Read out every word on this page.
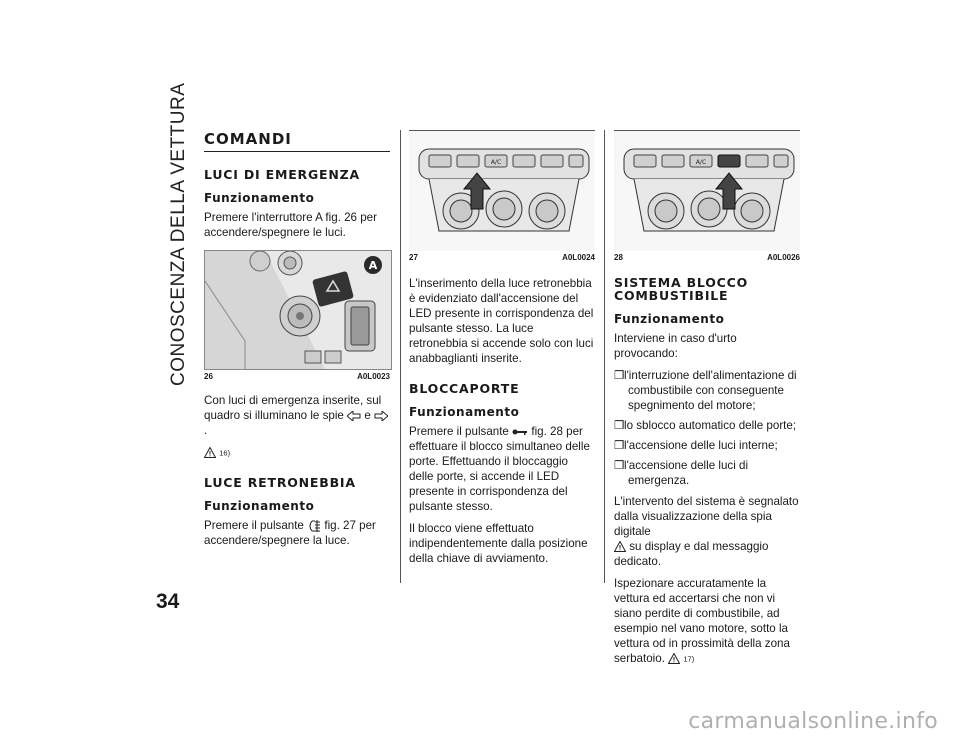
CONOSCENZA DELLA VETTURA
34
COMANDI
LUCI DI EMERGENZA
Funzionamento

Premere l'interruttore A fig. 26 per accendere/spegnere le luci.

A
26	A0L0023

Con luci di emergenza inserite, sul quadro si illuminano le spie e  .

16)

LUCE RETRONEBBIA
Funzionamento

Premere il pulsante fig. 27 per accendere/spegnere la luce.

A/C
27	A0L0024

L'inserimento della luce retronebbia è evidenziato dall'accensione del LED presente in corrispondenza del pulsante stesso. La luce retronebbia si accende solo con luci anabbaglianti inserite.

BLOCCAPORTE
Funzionamento

Premere il pulsante fig. 28 per effettuare il blocco simultaneo delle porte. Effettuando il bloccaggio delle porte, si accende il LED presente in corrispondenza del pulsante stesso.

Il blocco viene effettuato indipendentemente dalla posizione della chiave di avviamento.

A/C
28	A0L0026
SISTEMA BLOCCO COMBUSTIBILE
Funzionamento

Interviene in caso d'urto provocando:

❒l'interruzione dell'alimentazione di combustibile con conseguente spegnimento del motore;
❒lo sblocco automatico delle porte;
❒l'accensione delle luci interne;
❒l'accensione delle luci di emergenza.

L'intervento del sistema è segnalato dalla visualizzazione della spia digitale
su display e dal messaggio dedicato.

Ispezionare accuratamente la vettura ed accertarsi che non vi siano perdite di combustibile, ad esempio nel vano motore, sotto la vettura od in prossimità della zona serbatoio. 17)

carmanualsonline.info
